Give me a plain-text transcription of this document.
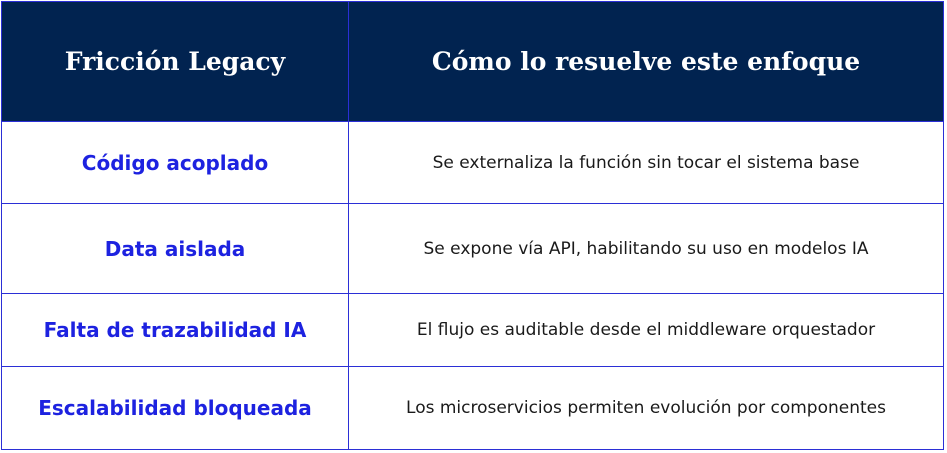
Fricción Legacy	Cómo lo resuelve este enfoque
Código acoplado	Se externaliza la función sin tocar el sistema base
Data aislada	Se expone vía API, habilitando su uso en modelos IA
Falta de trazabilidad IA	El flujo es auditable desde el middleware orquestador
Escalabilidad bloqueada	Los microservicios permiten evolución por componentes
